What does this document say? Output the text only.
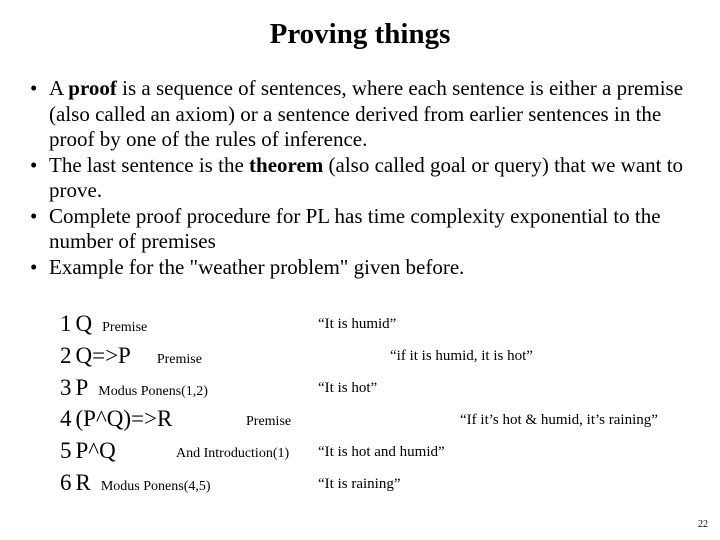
Proving things
• A proof is a sequence of sentences, where each sentence is either a premise (also called an axiom) or a sentence derived from earlier sentences in the proof by one of the rules of inference.
• The last sentence is the theorem (also called goal or query) that we want to prove.
• Complete proof procedure for PL has time complexity exponential to the number of premises
• Example for the "weather problem" given before.
1 Q Premise	“It is humid”
2 Q=>P Premise	“if it is humid, it is hot”
3 P Modus Ponens(1,2)	“It is hot”
4 (P^Q)=>R	Premise	“If it’s hot & humid, it’s raining”
5 P^Q	And Introduction(1) “It is hot and humid”
6 R Modus Ponens(4,5)	“It is raining”
22
